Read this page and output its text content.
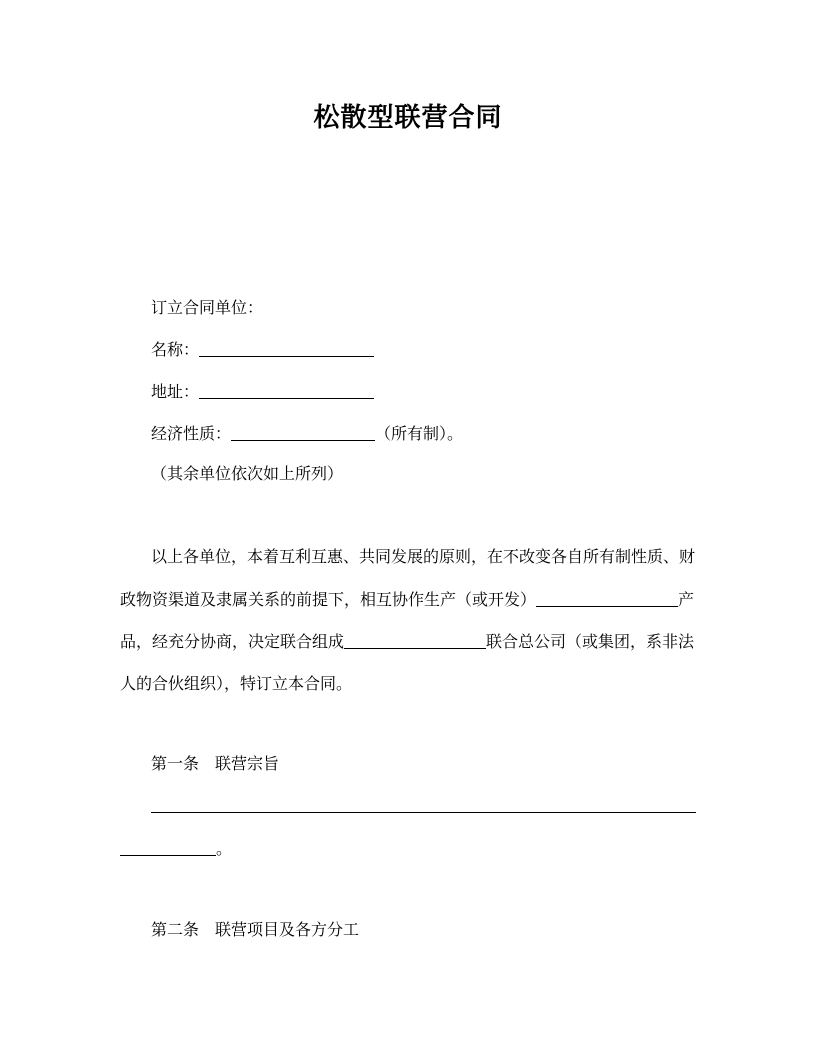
松散型联营合同
订立合同单位：
名称：
地址：
经济性质：	（所有制）。
（其余单位依次如上所列）
以上各单位，本着互利互惠、共同发展的原则，在不改变各自所有制性质、财
政物资渠道及隶属关系的前提下，相互协作生产（或开发）	产
品，经充分协商，决定联合组成	联合总公司（或集团，系非法
人的合伙组织），特订立本合同。
第一条　联营宗旨
。
第二条　联营项目及各方分工
